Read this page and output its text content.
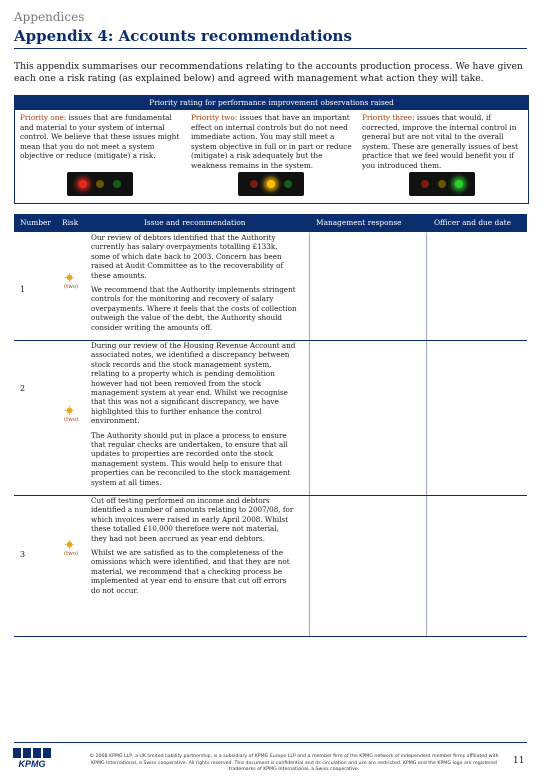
Appendices
Appendix 4: Accounts recommendations
This appendix summarises our recommendations relating to the accounts production process. We have given each one a risk rating (as explained below) and agreed with management what action they will take.
Priority rating for performance improvement observations raised
Priority one: issues that are fundamental and material to your system of internal control. We believe that these issues might mean that you do not meet a system objective or reduce (mitigate) a risk.
Priority two: issues that have an important effect on internal controls but do not need immediate action. You may still meet a system objective in full or in part or reduce (mitigate) a risk adequately but the weakness remains in the system.
Priority three: issues that would, if corrected, improve the internal control in general but are not vital to the overall system. These are generally issues of best practice that we feel would benefit you if you introduced them.
Number Risk	Issue and recommendation	Management response	Officer and due date
1	(two)

Our review of debtors identified that the Authority currently has salary overpayments totalling £133k, some of which date back to 2003. Concern has been raised at Audit Committee as to the recoverability of these amounts.

We recommend that the Authority implements stringent controls for the monitoring and recovery of salary overpayments. Where it feels that the costs of collection outweigh the value of the debt, the Authority should consider writing the amounts off.

2
(two)

During our review of the Housing Revenue Account and associated notes, we identified a discrepancy between stock records and the stock management system, relating to a property which is pending demolition however had not been removed from the stock management system at year end. Whilst we recognise that this was not a significant discrepancy, we have highlighted this to further enhance the control environment.

The Authority should put in place a process to ensure that regular checks are undertaken, to ensure that all updates to properties are recorded onto the stock management system. This would help to ensure that properties can be reconciled to the stock management system at all times.

3	(two)

Cut off testing performed on income and debtors identified a number of amounts relating to 2007/08, for which invoices were raised in early April 2008. Whilst these totalled £10,000 therefore were not material, they had not been accrued as year end debtors.

Whilst we are satisfied as to the completeness of the omissions which were identified, and that they are not material, we recommend that a checking process be implemented at year end to ensure that cut off errors do not occur.

KPMG
© 2008 KPMG LLP, a UK limited liability partnership, is a subsidiary of KPMG Europe LLP and a member firm of the KPMG network of independent member firms affiliated with KPMG International, a Swiss cooperative. All rights reserved. This document is confidential and its circulation and use are restricted. KPMG and the KPMG logo are registered trademarks of KPMG International, a Swiss cooperative.
11
